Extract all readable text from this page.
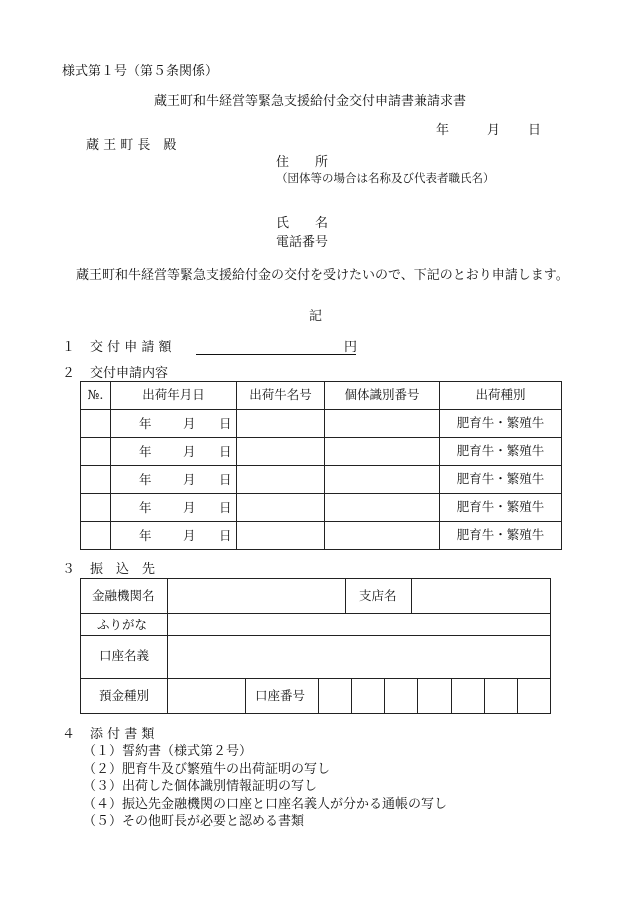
様式第１号（第５条関係）
蔵王町和牛経営等緊急支援給付金交付申請書兼請求書
年	月 日
蔵 王 町 長　殿
住　　所
（団体等の場合は名称及び代表者職氏名）
氏　　名
電話番号
蔵王町和牛経営等緊急支援給付金の交付を受けたいので、下記のとおり申請します。
記
１ 交 付 申 請 額	円
２ 交付申請内容
№.	出荷年月日	出荷牛名号	個体識別番号	出荷種別

	年 月 日			肥育牛・繁殖牛

	年 月 日			肥育牛・繁殖牛

	年 月 日			肥育牛・繁殖牛

	年 月 日			肥育牛・繁殖牛

	年 月 日			肥育牛・繁殖牛
３ 振　込　先
金融機関名	支店名
ふりがな
口座名義
預金種別	口座番号
４ 添 付 書 類
（１）誓約書（様式第２号）
（２）肥育牛及び繁殖牛の出荷証明の写し
（３）出荷した個体識別情報証明の写し
（４）振込先金融機関の口座と口座名義人が分かる通帳の写し
（５）その他町長が必要と認める書類
